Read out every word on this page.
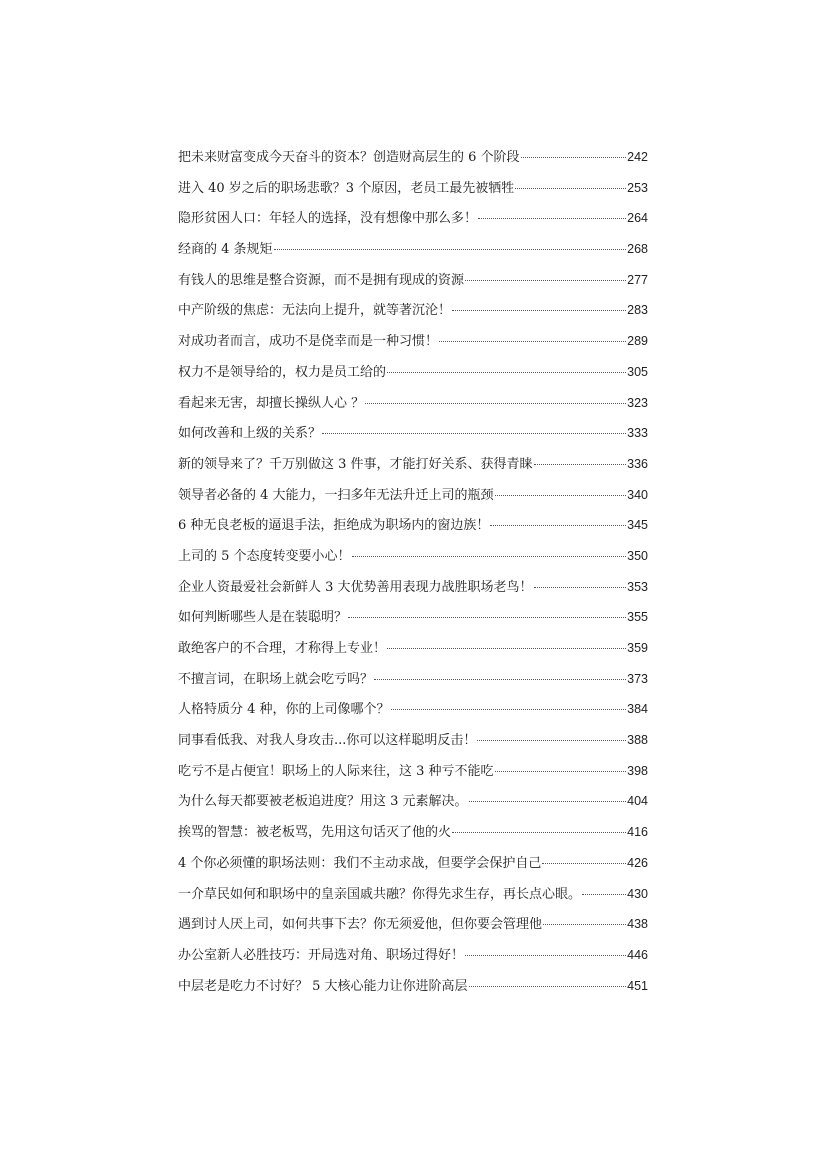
把未来财富变成今天奋斗的资本？创造财高层生的 6 个阶段	242
进入 40 岁之后的职场悲歌？3 个原因，老员工最先被牺牲	253
隐形贫困人口：年轻人的选择，没有想像中那么多！	264
经商的 4 条规矩	268
有钱人的思维是整合资源，而不是拥有现成的资源	277
中产阶级的焦虑：无法向上提升，就等著沉沦！	283
对成功者而言，成功不是侥幸而是一种习惯！	289
权力不是领导给的，权力是员工给的	305
看起来无害，却擅长操纵人心 ？	323
如何改善和上级的关系？	333
新的领导来了？千万别做这 3 件事，才能打好关系、获得青睐	336
领导者必备的 4 大能力，一扫多年无法升迁上司的瓶颈	340
6 种无良老板的逼退手法，拒绝成为职场内的窗边族！	345
上司的 5 个态度转变要小心！	350
企业人资最爱社会新鲜人 3 大优势善用表现力战胜职场老鸟！	353
如何判断哪些人是在装聪明？	355
敢绝客户的不合理，才称得上专业！	359
不擅言词，在职场上就会吃亏吗？	373
人格特质分 4 种，你的上司像哪个？	384
同事看低我、对我人身攻击...你可以这样聪明反击！	388
吃亏不是占便宜！职场上的人际来往，这 3 种亏不能吃	398
为什么每天都要被老板追进度？用这 3 元素解决。	404
挨骂的智慧：被老板骂，先用这句话灭了他的火	416
4 个你必须懂的职场法则：我们不主动求战，但要学会保护自己	426
一介草民如何和职场中的皇亲国戚共融？你得先求生存，再长点心眼。	430
遇到讨人厌上司，如何共事下去？你无须爱他，但你要会管理他	438
办公室新人必胜技巧：开局选对角、职场过得好！	446
中层老是吃力不讨好？ 5 大核心能力让你进阶高层	451
